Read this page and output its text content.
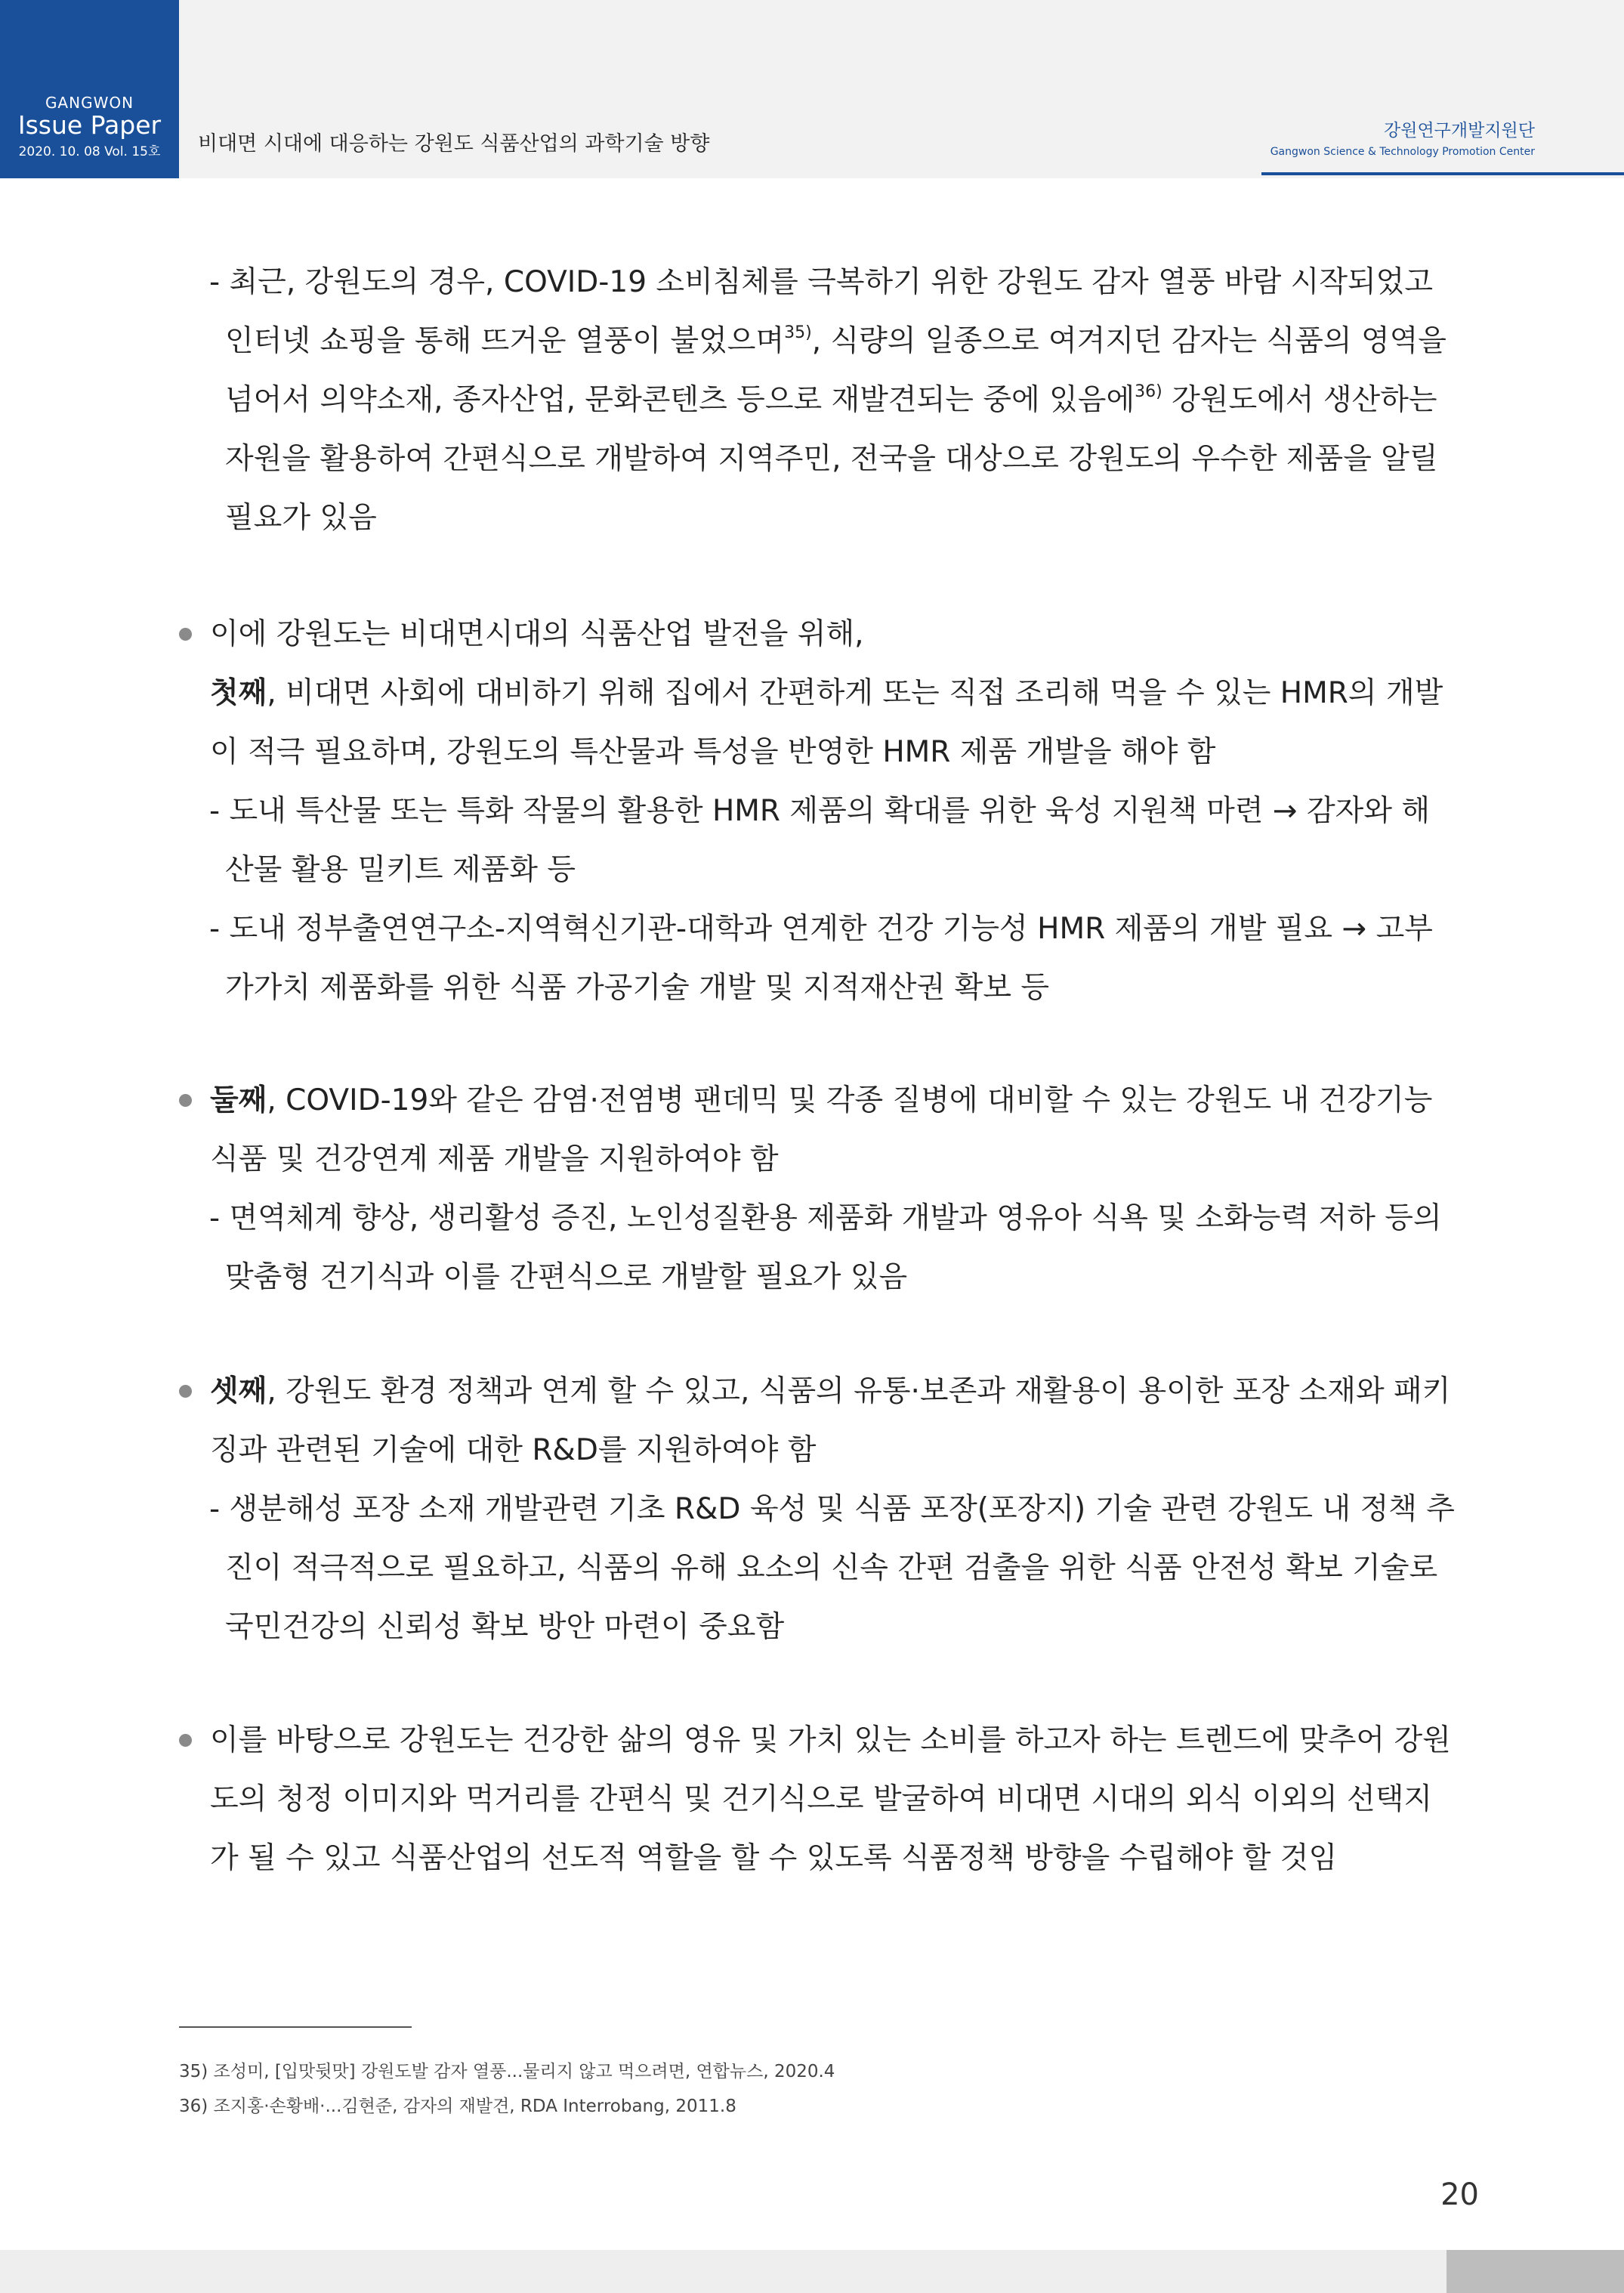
GANGWON
Issue Paper
2020. 10. 08 Vol. 15호	비대면 시대에 대응하는 강원도 식품산업의 과학기술 방향
강원연구개발지원단
Gangwon Science & Technology Promotion Center
- 최근, 강원도의 경우, COVID-19 소비침체를 극복하기 위한 강원도 감자 열풍 바람 시작되었고
인터넷 쇼핑을 통해 뜨거운 열풍이 불었으며$^{35)}$, 식량의 일종으로 여겨지던 감자는 식품의 영역을
넘어서 의약소재, 종자산업, 문화콘텐츠 등으로 재발견되는 중에 있음에$^{36)}$ 강원도에서 생산하는
자원을 활용하여 간편식으로 개발하여 지역주민, 전국을 대상으로 강원도의 우수한 제품을 알릴
필요가 있음
이에 강원도는 비대면시대의 식품산업 발전을 위해,
첫째, 비대면 사회에 대비하기 위해 집에서 간편하게 또는 직접 조리해 먹을 수 있는 HMR의 개발
이 적극 필요하며, 강원도의 특산물과 특성을 반영한 HMR 제품 개발을 해야 함
- 도내 특산물 또는 특화 작물의 활용한 HMR 제품의 확대를 위한 육성 지원책 마련 → 감자와 해
산물 활용 밀키트 제품화 등
- 도내 정부출연연구소-지역혁신기관-대학과 연계한 건강 기능성 HMR 제품의 개발 필요 → 고부
가가치 제품화를 위한 식품 가공기술 개발 및 지적재산권 확보 등
둘째, COVID-19와 같은 감염·전염병 팬데믹 및 각종 질병에 대비할 수 있는 강원도 내 건강기능
식품 및 건강연계 제품 개발을 지원하여야 함
- 면역체계 향상, 생리활성 증진, 노인성질환용 제품화 개발과 영유아 식욕 및 소화능력 저하 등의
맞춤형 건기식과 이를 간편식으로 개발할 필요가 있음
셋째, 강원도 환경 정책과 연계 할 수 있고, 식품의 유통·보존과 재활용이 용이한 포장 소재와 패키
징과 관련된 기술에 대한 R&D를 지원하여야 함
- 생분해성 포장 소재 개발관련 기초 R&D 육성 및 식품 포장(포장지) 기술 관련 강원도 내 정책 추
진이 적극적으로 필요하고, 식품의 유해 요소의 신속 간편 검출을 위한 식품 안전성 확보 기술로
국민건강의 신뢰성 확보 방안 마련이 중요함
이를 바탕으로 강원도는 건강한 삶의 영유 및 가치 있는 소비를 하고자 하는 트렌드에 맞추어 강원
도의 청정 이미지와 먹거리를 간편식 및 건기식으로 발굴하여 비대면 시대의 외식 이외의 선택지
가 될 수 있고 식품산업의 선도적 역할을 할 수 있도록 식품정책 방향을 수립해야 할 것임
35) 조성미, [입맛뒷맛] 강원도발 감자 열풍...물리지 않고 먹으려면, 연합뉴스, 2020.4
36) 조지홍·손황배·...김현준, 감자의 재발견, RDA Interrobang, 2011.8
20
